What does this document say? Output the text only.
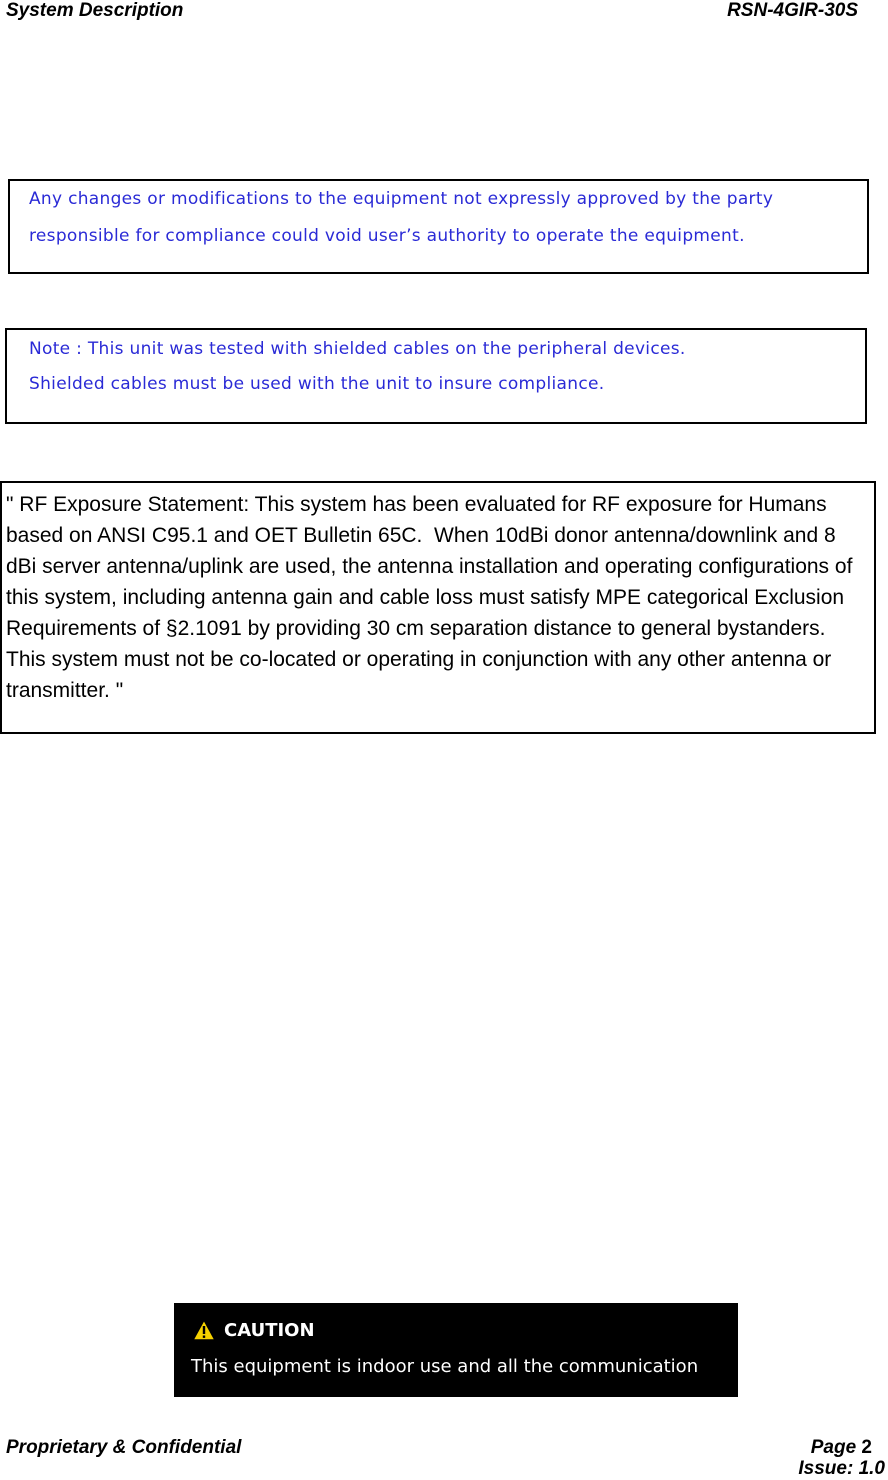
System Description	RSN-4GIR-30S
Any changes or modifications to the equipment not expressly approved by the party
responsible for compliance could void user’s authority to operate the equipment.
Note : This unit was tested with shielded cables on the peripheral devices.
Shielded cables must be used with the unit to insure compliance.

" RF Exposure Statement: This system has been evaluated for RF exposure for Humans based on ANSI C95.1 and OET Bulletin 65C.  When 10dBi donor antenna/downlink and 8 dBi server antenna/uplink are used, the antenna installation and operating configurations of this system, including antenna gain and cable loss must satisfy MPE categorical Exclusion Requirements of §2.1091 by providing 30 cm separation distance to general bystanders.  This system must not be co-located or operating in conjunction with any other antenna or transmitter. "

CAUTION
This equipment is indoor use and all the communication
Proprietary & Confidential	Page 2
Issue: 1.0
